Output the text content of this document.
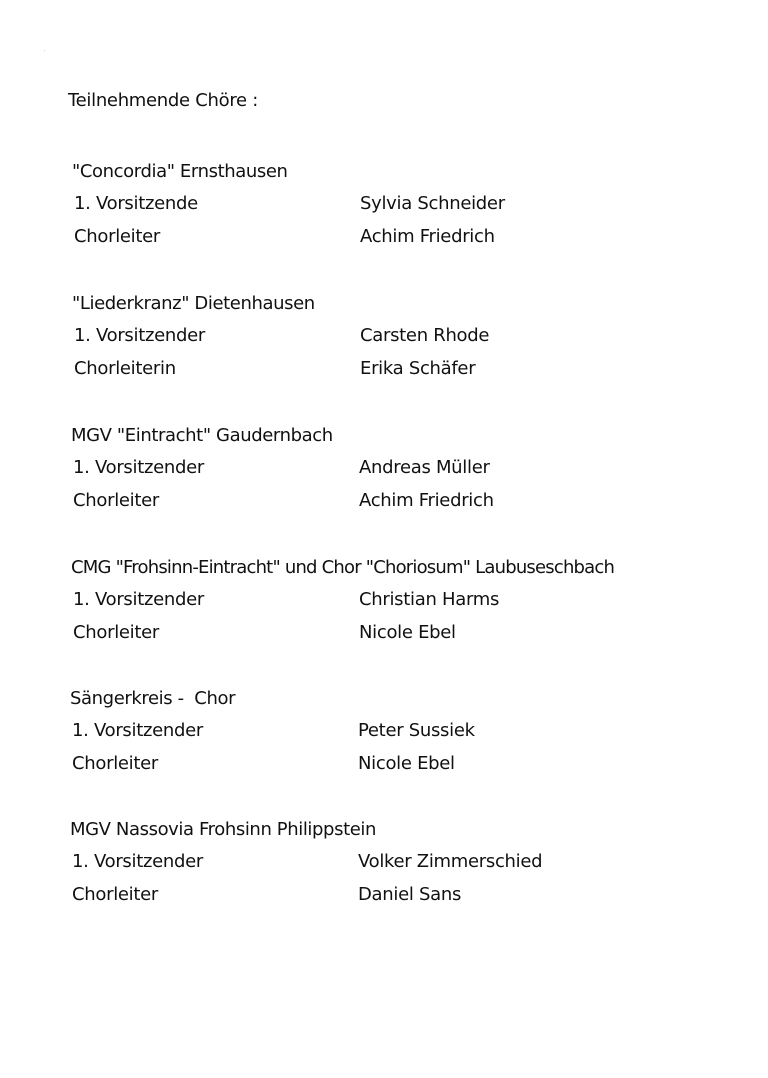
Teilnehmende Chöre :
"Concordia" Ernsthausen
1. Vorsitzende	Sylvia Schneider
Chorleiter	Achim Friedrich
"Liederkranz" Dietenhausen
1. Vorsitzender	Carsten Rhode
Chorleiterin	Erika Schäfer
MGV "Eintracht" Gaudernbach
1. Vorsitzender	Andreas Müller
Chorleiter	Achim Friedrich
CMG "Frohsinn-Eintracht" und Chor "Choriosum" Laubuseschbach
1. Vorsitzender	Christian Harms
Chorleiter	Nicole Ebel
Sängerkreis -  Chor
1. Vorsitzender	Peter Sussiek
Chorleiter	Nicole Ebel
MGV Nassovia Frohsinn Philippstein
1. Vorsitzender	Volker Zimmerschied
Chorleiter	Daniel Sans
